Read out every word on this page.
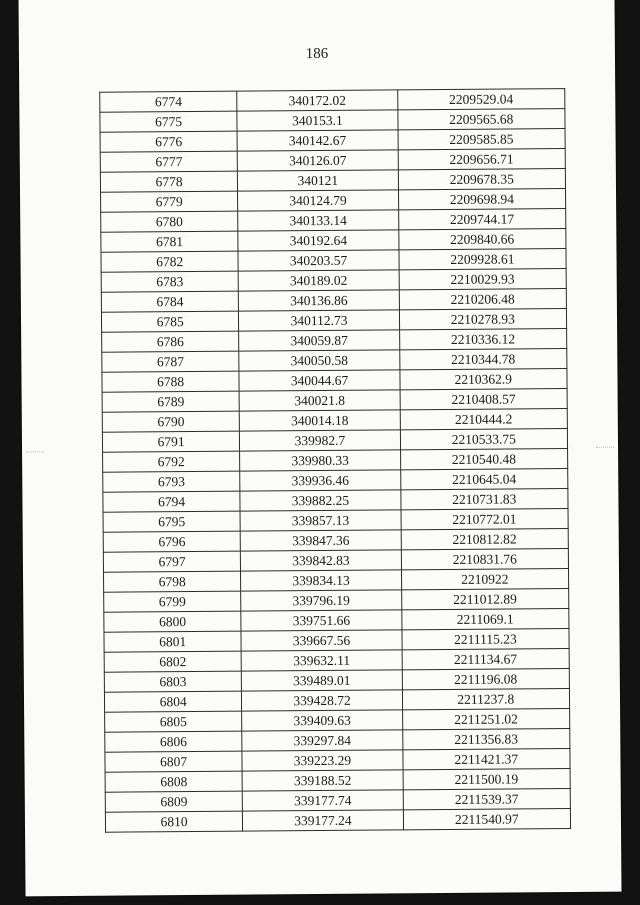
186
6774	340172.02	2209529.04
6775	340153.1	2209565.68
6776	340142.67	2209585.85
6777	340126.07	2209656.71
6778	340121	2209678.35
6779	340124.79	2209698.94
6780	340133.14	2209744.17
6781	340192.64	2209840.66
6782	340203.57	2209928.61
6783	340189.02	2210029.93
6784	340136.86	2210206.48
6785	340112.73	2210278.93
6786	340059.87	2210336.12
6787	340050.58	2210344.78
6788	340044.67	2210362.9
6789	340021.8	2210408.57
6790	340014.18	2210444.2
6791	339982.7	2210533.75
6792	339980.33	2210540.48
6793	339936.46	2210645.04
6794	339882.25	2210731.83
6795	339857.13	2210772.01
6796	339847.36	2210812.82
6797	339842.83	2210831.76
6798	339834.13	2210922
6799	339796.19	2211012.89
6800	339751.66	2211069.1
6801	339667.56	2211115.23
6802	339632.11	2211134.67
6803	339489.01	2211196.08
6804	339428.72	2211237.8
6805	339409.63	2211251.02
6806	339297.84	2211356.83
6807	339223.29	2211421.37
6808	339188.52	2211500.19
6809	339177.74	2211539.37
6810	339177.24	2211540.97
